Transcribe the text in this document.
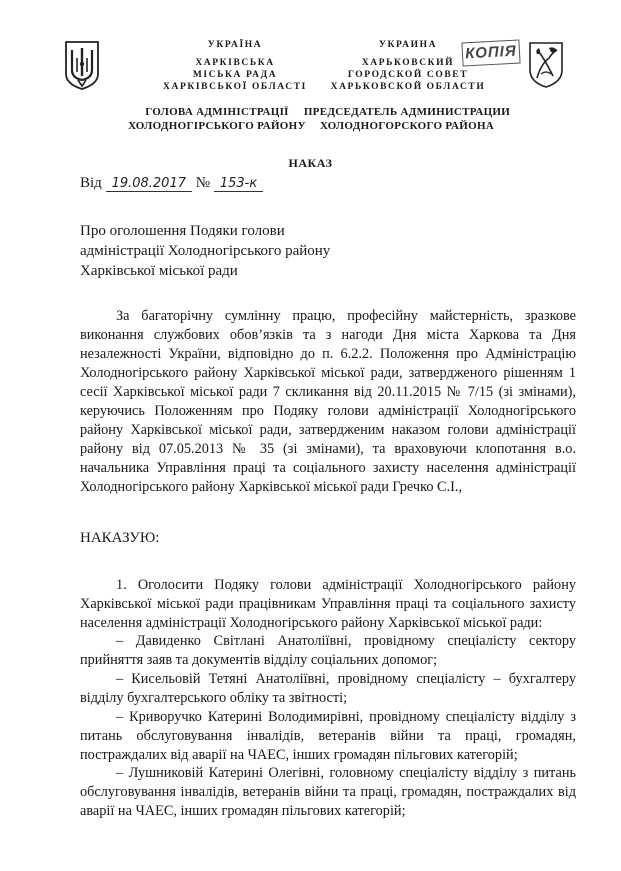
УКРАЇНА
ХАРКІВСЬКА
МІСЬКА РАДА
ХАРКІВСЬКОЇ ОБЛАСТІ
УКРАИНА
ХАРЬКОВСКИЙ
ГОРОДСКОЙ СОВЕТ
ХАРЬКОВСКОЙ ОБЛАСТИ
КОПІЯ
ГОЛОВА АДМІНІСТРАЦІЇ
ХОЛОДНОГІРСЬКОГО РАЙОНУ
ПРЕДСЕДАТЕЛЬ АДМИНИСТРАЦИИ
ХОЛОДНОГОРСКОГО РАЙОНА
НАКАЗ
Від 19.08.2017 № 153-к
Про оголошення Подяки голови
адміністрації Холодногірського району
Харківської міської ради
За багаторічну сумлінну працю, професійну майстерність, зразкове виконання службових обов’язків та з нагоди Дня міста Харкова та Дня незалежності України, відповідно до п. 6.2.2. Положення про Адміністрацію Холодногірського району Харківської міської ради, затвердженого рішенням 1 сесії Харківської міської ради 7 скликання від 20.11.2015 № 7/15 (зі змінами), керуючись Положенням про Подяку голови адміністрації Холодногірського району Харківської міської ради, затвердженим наказом голови адміністрації району від 07.05.2013 № 35 (зі змінами), та враховуючи клопотання в.о. начальника Управління праці та соціального захисту населення адміністрації Холодногірського району Харківської міської ради Гречко С.І.,
НАКАЗУЮ:
1. Оголосити Подяку голови адміністрації Холодногірського району Харківської міської ради працівникам Управління праці та соціального захисту населення адміністрації Холодногірського району Харківської міської ради:
– Давиденко Світлані Анатоліївні, провідному спеціалісту сектору прийняття заяв та документів відділу соціальних допомог;
– Кисельовій Тетяні Анатоліївні, провідному спеціалісту – бухгалтеру відділу бухгалтерського обліку та звітності;
– Криворучко Катерині Володимирівні, провідному спеціалісту відділу з питань обслуговування інвалідів, ветеранів війни та праці, громадян, постраждалих від аварії на ЧАЕС, інших громадян пільгових категорій;
– Лушниковій Катерині Олегівні, головному спеціалісту відділу з питань обслуговування інвалідів, ветеранів війни та праці, громадян, постраждалих від аварії на ЧАЕС, інших громадян пільгових категорій;
